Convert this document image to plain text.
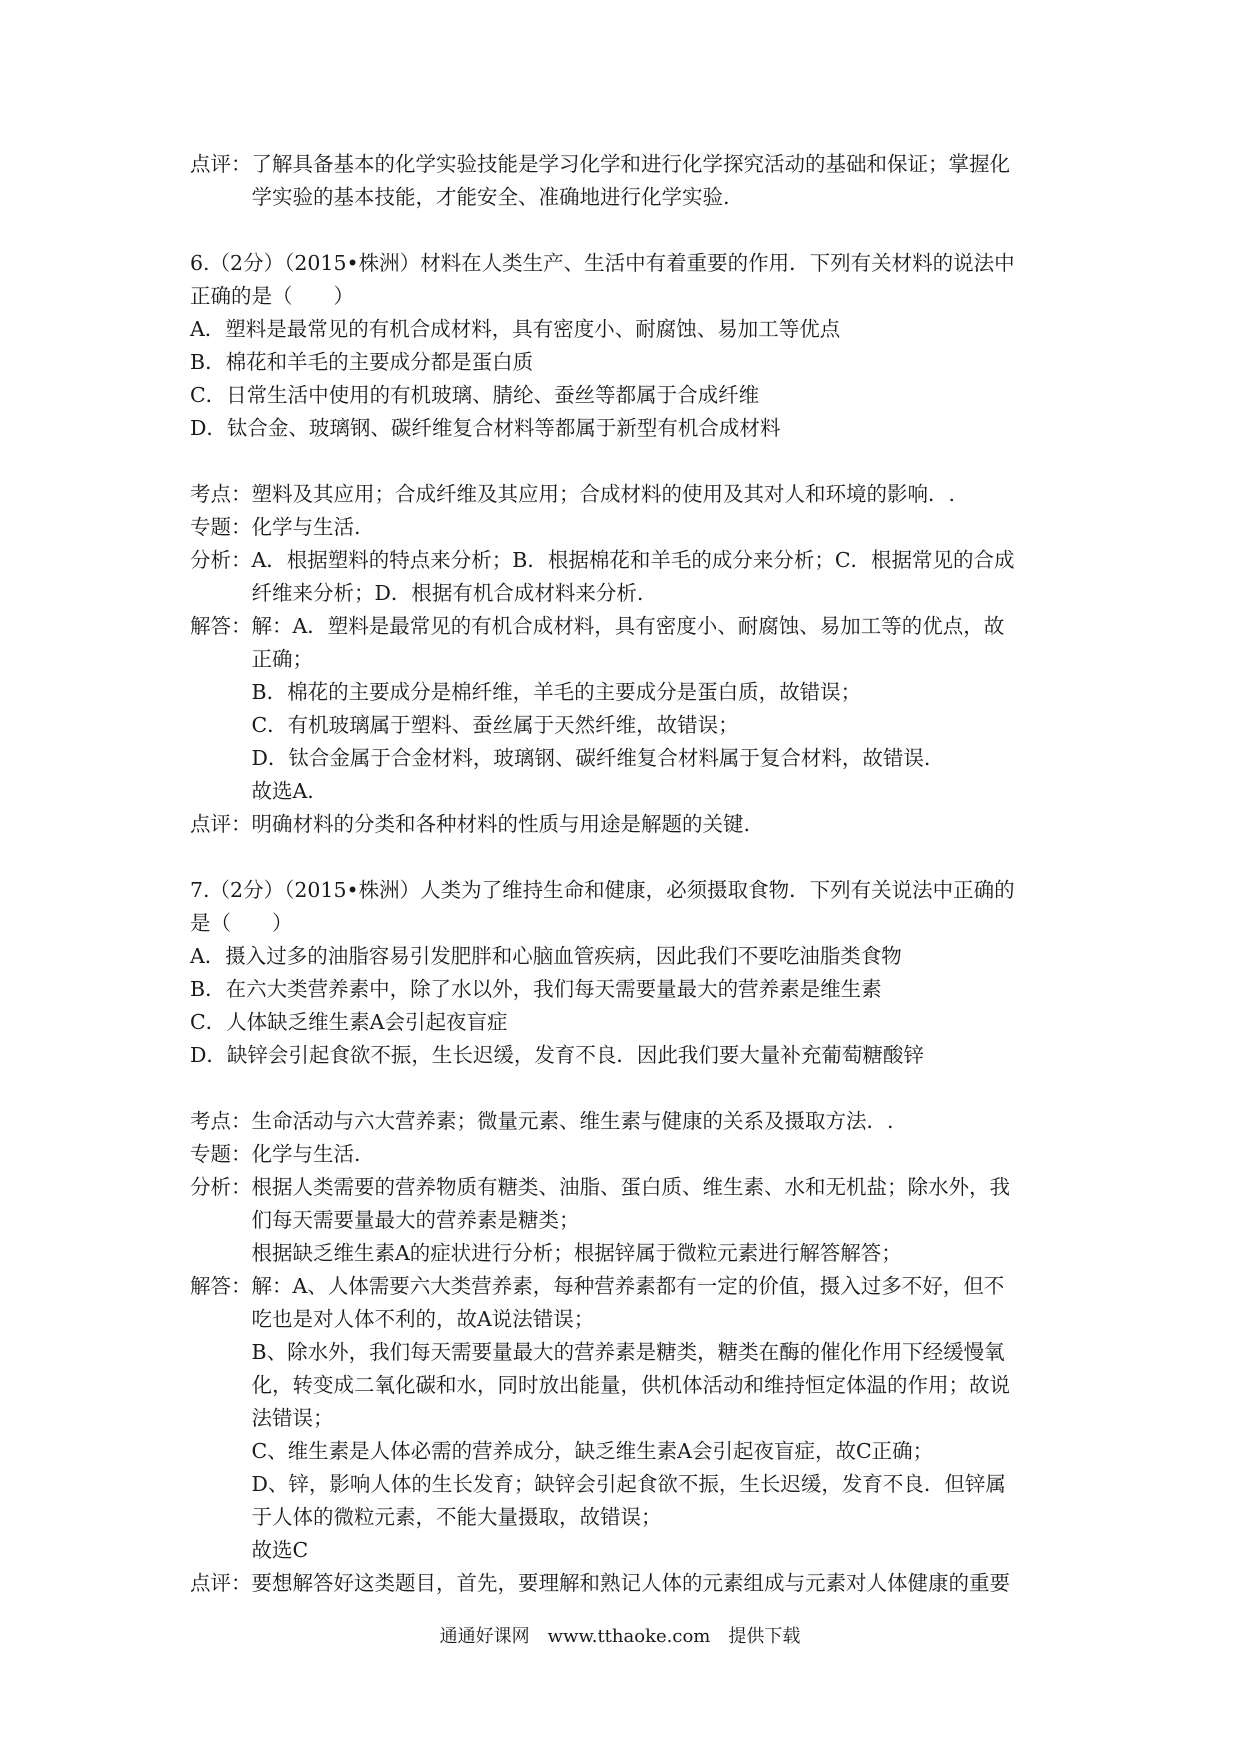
点评： 了解具备基本的化学实验技能是学习化学和进行化学探究活动的基础和保证；掌握化
学实验的基本技能，才能安全、准确地进行化学实验.
6.（2分）（2015•株洲）材料在人类生产、生活中有着重要的作用．下列有关材料的说法中
正确的是（　　）
A．塑料是最常见的有机合成材料，具有密度小、耐腐蚀、易加工等优点
B．棉花和羊毛的主要成分都是蛋白质
C．日常生活中使用的有机玻璃、腈纶、蚕丝等都属于合成纤维
D．钛合金、玻璃钢、碳纤维复合材料等都属于新型有机合成材料
考点： 塑料及其应用；合成纤维及其应用；合成材料的使用及其对人和环境的影响．.
专题： 化学与生活.
分析： A．根据塑料的特点来分析；B．根据棉花和羊毛的成分来分析；C．根据常见的合成
纤维来分析；D．根据有机合成材料来分析.
解答： 解：A．塑料是最常见的有机合成材料，具有密度小、耐腐蚀、易加工等的优点，故
正确；
B．棉花的主要成分是棉纤维，羊毛的主要成分是蛋白质，故错误；
C．有机玻璃属于塑料、蚕丝属于天然纤维，故错误；
D．钛合金属于合金材料，玻璃钢、碳纤维复合材料属于复合材料，故错误.
故选A.
点评： 明确材料的分类和各种材料的性质与用途是解题的关键.
7.（2分）（2015•株洲）人类为了维持生命和健康，必须摄取食物．下列有关说法中正确的
是（　　）
A．摄入过多的油脂容易引发肥胖和心脑血管疾病，因此我们不要吃油脂类食物
B．在六大类营养素中，除了水以外，我们每天需要量最大的营养素是维生素
C．人体缺乏维生素A会引起夜盲症
D．缺锌会引起食欲不振，生长迟缓，发育不良．因此我们要大量补充葡萄糖酸锌
考点： 生命活动与六大营养素；微量元素、维生素与健康的关系及摄取方法．.
专题： 化学与生活.
分析： 根据人类需要的营养物质有糖类、油脂、蛋白质、维生素、水和无机盐；除水外，我
们每天需要量最大的营养素是糖类；
根据缺乏维生素A的症状进行分析；根据锌属于微粒元素进行解答解答；
解答： 解：A、人体需要六大类营养素，每种营养素都有一定的价值，摄入过多不好，但不
吃也是对人体不利的，故A说法错误；
B、除水外，我们每天需要量最大的营养素是糖类，糖类在酶的催化作用下经缓慢氧
化，转变成二氧化碳和水，同时放出能量，供机体活动和维持恒定体温的作用；故说
法错误；
C、维生素是人体必需的营养成分，缺乏维生素A会引起夜盲症，故C正确；
D、锌，影响人体的生长发育；缺锌会引起食欲不振，生长迟缓，发育不良．但锌属
于人体的微粒元素，不能大量摄取，故错误；
故选C
点评： 要想解答好这类题目，首先，要理解和熟记人体的元素组成与元素对人体健康的重要
通通好课网　www.tthaoke.com　提供下载
